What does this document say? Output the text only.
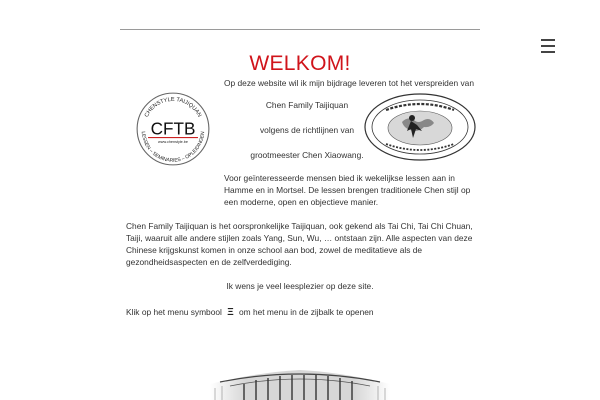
WELKOM!
Op deze website wil ik mijn bijdrage leveren tot het verspreiden van
Chen Family Taijiquan
volgens de richtlijnen van
grootmeester Chen Xiaowang.
CHENSTYLE TAIJIQUAN
CFTB
www.chenstyle.be
LESSEN – SEMINARIES – OPLEIDINGEN
Voor geïnteresseerde mensen bied ik wekelijkse lessen aan in
Hamme en in Mortsel. De lessen brengen traditionele Chen stijl op
een moderne, open en objectieve manier.
Chen Family Taijiquan is het oorspronkelijke Taijiquan, ook gekend als Tai Chi, Tai Chi Chuan,
Taiji, waaruit alle andere stijlen zoals Yang, Sun, Wu, … ontstaan zijn. Alle aspecten van deze
Chinese krijgskunst komen in onze school aan bod, zowel de meditatieve als de
gezondheidsaspecten en de zelfverdediging.
Ik wens je veel leesplezier op deze site.
Klik op het menu symbool Ξ om het menu in de zijbalk te openen
